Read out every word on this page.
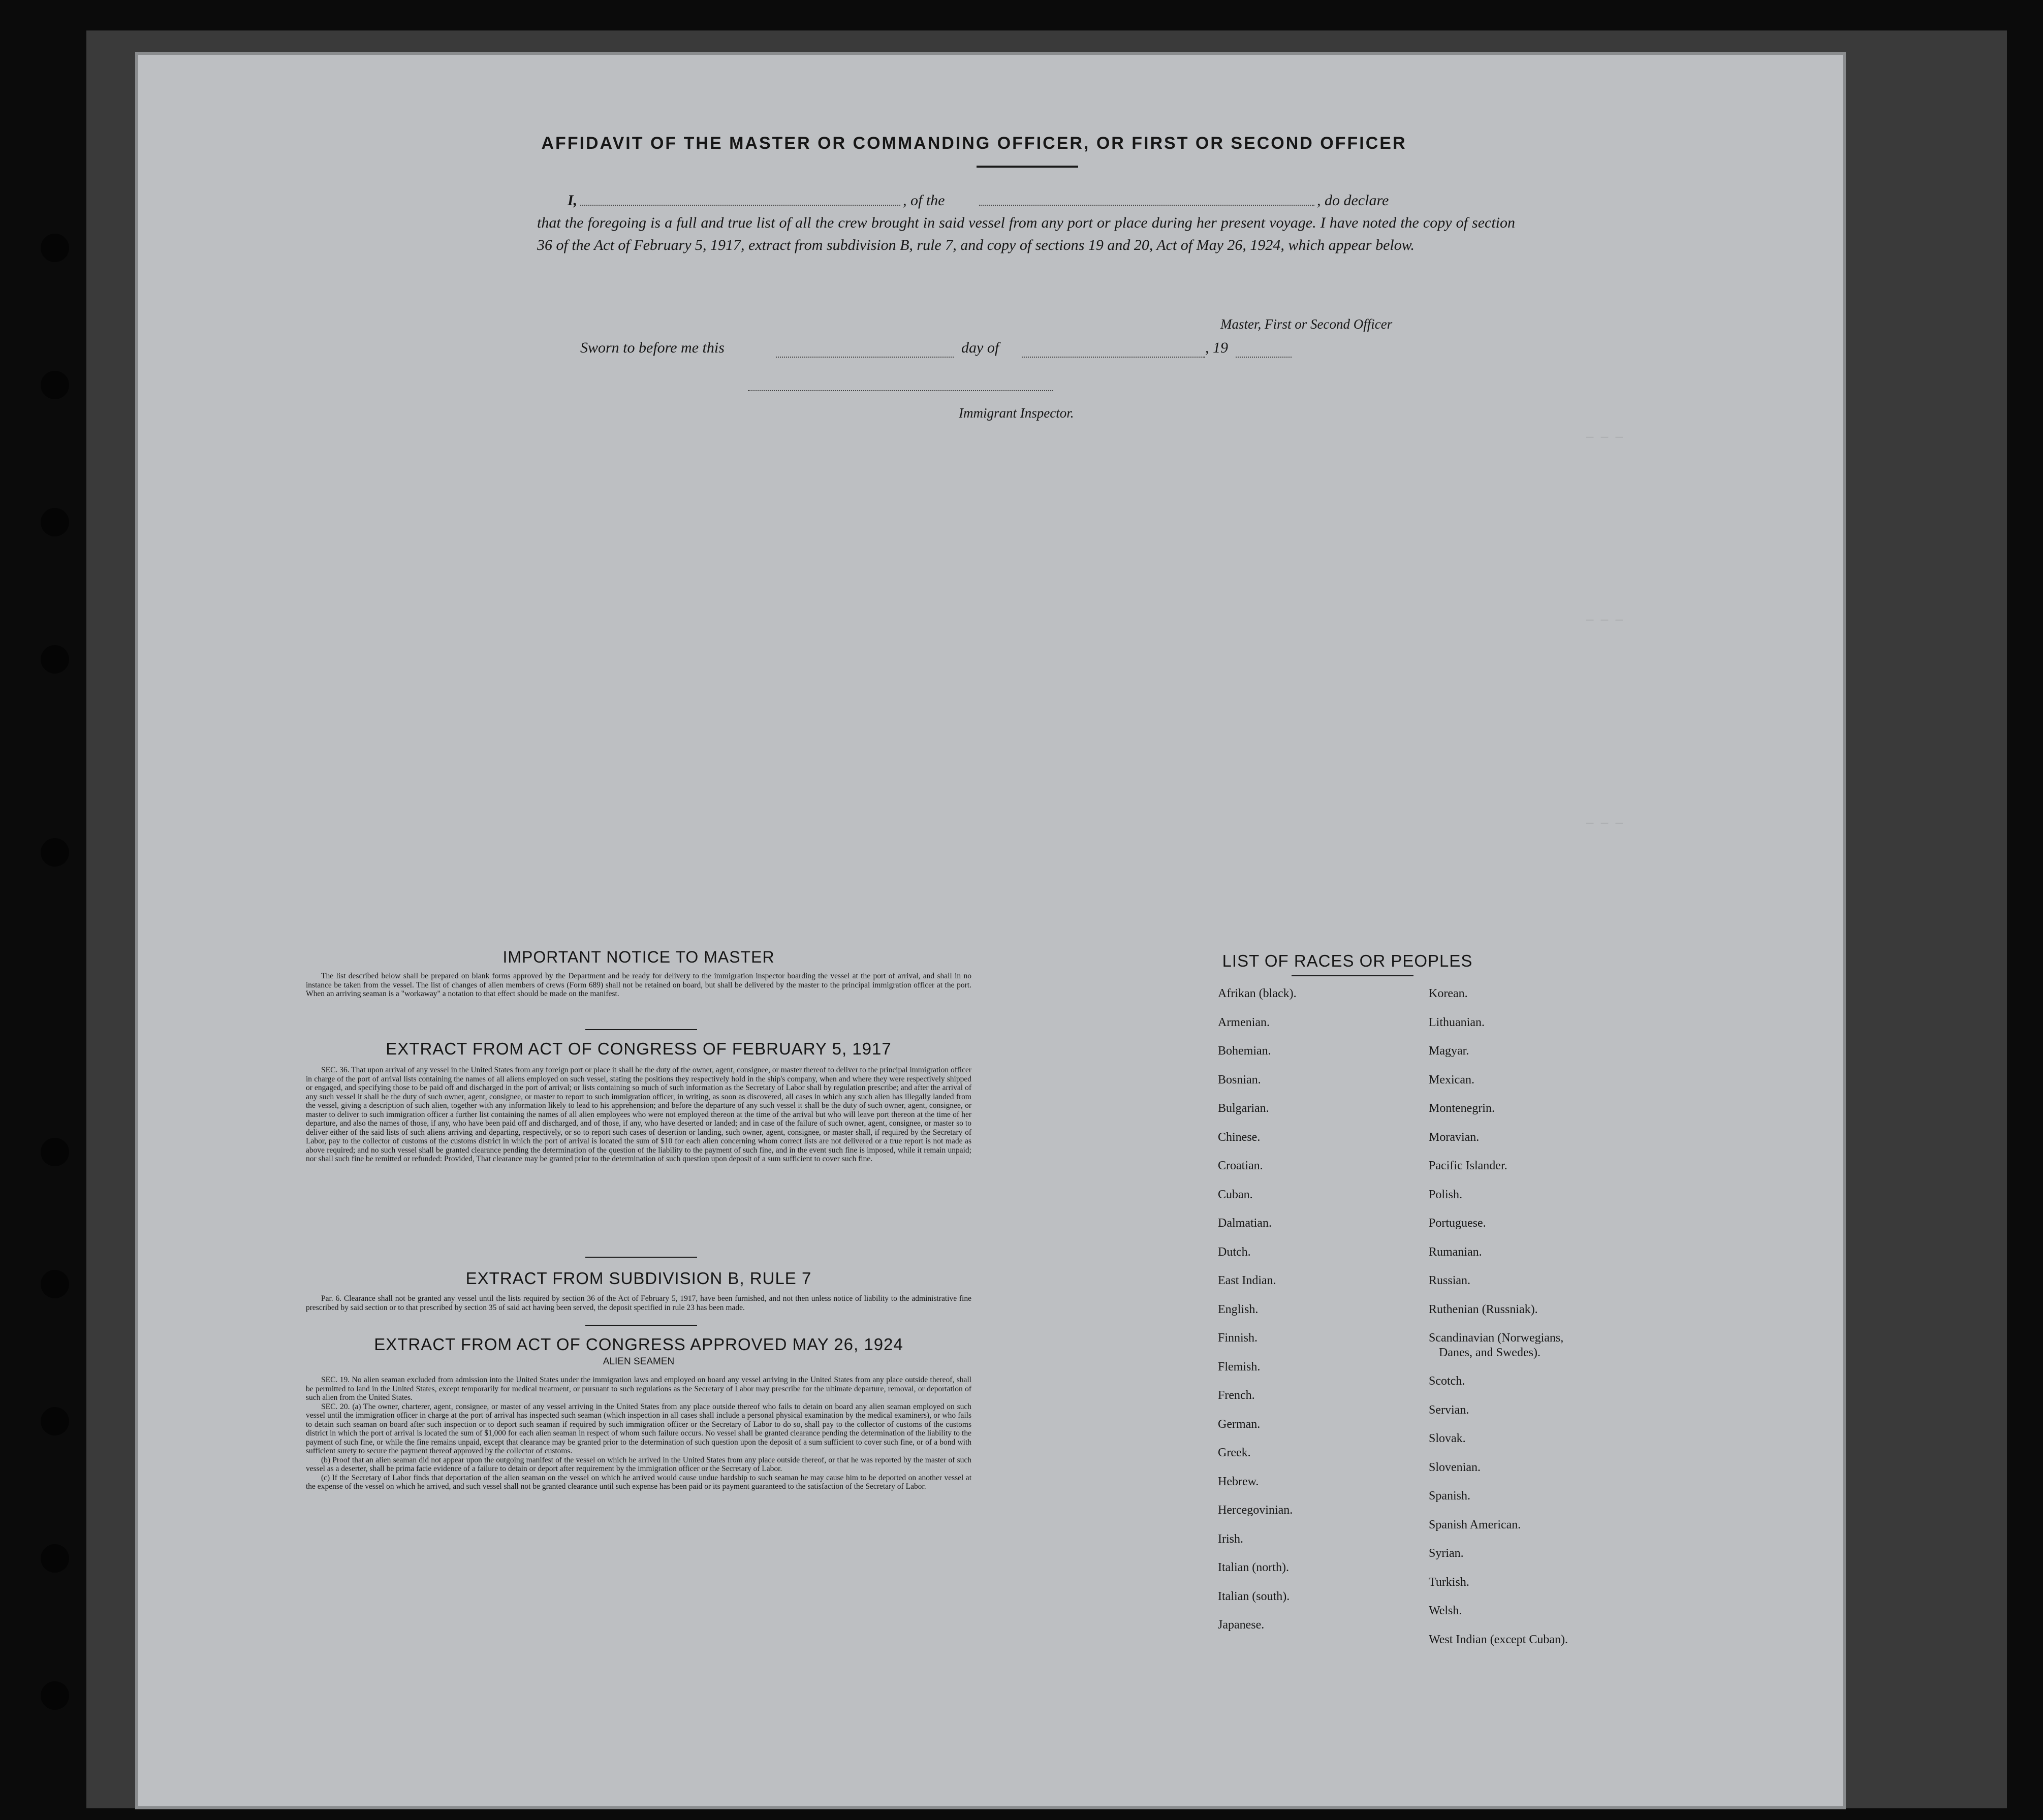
— — —
— — —
— — —
AFFIDAVIT OF THE MASTER OR COMMANDING OFFICER, OR FIRST OR SECOND OFFICER
I,	, of the	, do declare

that the foregoing is a full and true list of all the crew brought in said vessel from any port or place during her present voyage. I have noted the copy of section 36 of the Act of February 5, 1917, extract from subdivision B, rule 7, and copy of sections 19 and 20, Act of May 26, 1924, which appear below.

Master, First or Second Officer
Sworn to before me this	day of	, 19
Immigrant Inspector.
IMPORTANT NOTICE TO MASTER

The list described below shall be prepared on blank forms approved by the Department and be ready for delivery to the immigration inspector boarding the vessel at the port of arrival, and shall in no instance be taken from the vessel. The list of changes of alien members of crews (Form 689) shall not be retained on board, but shall be delivered by the master to the principal immigration officer at the port. When an arriving seaman is a "workaway" a notation to that effect should be made on the manifest.

EXTRACT FROM ACT OF CONGRESS OF FEBRUARY 5, 1917

SEC. 36. That upon arrival of any vessel in the United States from any foreign port or place it shall be the duty of the owner, agent, consignee, or master thereof to deliver to the principal immigration officer in charge of the port of arrival lists containing the names of all aliens employed on such vessel, stating the positions they respectively hold in the ship's company, when and where they were respectively shipped or engaged, and specifying those to be paid off and discharged in the port of arrival; or lists containing so much of such information as the Secretary of Labor shall by regulation prescribe; and after the arrival of any such vessel it shall be the duty of such owner, agent, consignee, or master to report to such immigration officer, in writing, as soon as discovered, all cases in which any such alien has illegally landed from the vessel, giving a description of such alien, together with any information likely to lead to his apprehension; and before the departure of any such vessel it shall be the duty of such owner, agent, consignee, or master to deliver to such immigration officer a further list containing the names of all alien employees who were not employed thereon at the time of the arrival but who will leave port thereon at the time of her departure, and also the names of those, if any, who have been paid off and discharged, and of those, if any, who have deserted or landed; and in case of the failure of such owner, agent, consignee, or master so to deliver either of the said lists of such aliens arriving and departing, respectively, or so to report such cases of desertion or landing, such owner, agent, consignee, or master shall, if required by the Secretary of Labor, pay to the collector of customs of the customs district in which the port of arrival is located the sum of $10 for each alien concerning whom correct lists are not delivered or a true report is not made as above required; and no such vessel shall be granted clearance pending the determination of the question of the liability to the payment of such fine, and in the event such fine is imposed, while it remain unpaid; nor shall such fine be remitted or refunded: Provided, That clearance may be granted prior to the determination of such question upon deposit of a sum sufficient to cover such fine.

EXTRACT FROM SUBDIVISION B, RULE 7

Par. 6. Clearance shall not be granted any vessel until the lists required by section 36 of the Act of February 5, 1917, have been furnished, and not then unless notice of liability to the administrative fine prescribed by said section or to that prescribed by section 35 of said act having been served, the deposit specified in rule 23 has been made.

EXTRACT FROM ACT OF CONGRESS APPROVED MAY 26, 1924
ALIEN SEAMEN

SEC. 19. No alien seaman excluded from admission into the United States under the immigration laws and employed on board any vessel arriving in the United States from any place outside thereof, shall be permitted to land in the United States, except temporarily for medical treatment, or pursuant to such regulations as the Secretary of Labor may prescribe for the ultimate departure, removal, or deportation of such alien from the United States.

SEC. 20. (a) The owner, charterer, agent, consignee, or master of any vessel arriving in the United States from any place outside thereof who fails to detain on board any alien seaman employed on such vessel until the immigration officer in charge at the port of arrival has inspected such seaman (which inspection in all cases shall include a personal physical examination by the medical examiners), or who fails to detain such seaman on board after such inspection or to deport such seaman if required by such immigration officer or the Secretary of Labor to do so, shall pay to the collector of customs of the customs district in which the port of arrival is located the sum of $1,000 for each alien seaman in respect of whom such failure occurs. No vessel shall be granted clearance pending the determination of the liability to the payment of such fine, or while the fine remains unpaid, except that clearance may be granted prior to the determination of such question upon the deposit of a sum sufficient to cover such fine, or of a bond with sufficient surety to secure the payment thereof approved by the collector of customs.

(b) Proof that an alien seaman did not appear upon the outgoing manifest of the vessel on which he arrived in the United States from any place outside thereof, or that he was reported by the master of such vessel as a deserter, shall be prima facie evidence of a failure to detain or deport after requirement by the immigration officer or the Secretary of Labor.

(c) If the Secretary of Labor finds that deportation of the alien seaman on the vessel on which he arrived would cause undue hardship to such seaman he may cause him to be deported on another vessel at the expense of the vessel on which he arrived, and such vessel shall not be granted clearance until such expense has been paid or its payment guaranteed to the satisfaction of the Secretary of Labor.

LIST OF RACES OR PEOPLES
Afrikan (black).
Armenian.
Bohemian.
Bosnian.
Bulgarian.
Chinese.
Croatian.
Cuban.
Dalmatian.
Dutch.
East Indian.
English.
Finnish.
Flemish.
French.
German.
Greek.
Hebrew.
Hercegovinian.
Irish.
Italian (north).
Italian (south).
Japanese.
Korean.
Lithuanian.
Magyar.
Mexican.
Montenegrin.
Moravian.
Pacific Islander.
Polish.
Portuguese.
Rumanian.
Russian.
Ruthenian (Russniak).
Scandinavian (Norwegians,
Danes, and Swedes).
Scotch.
Servian.
Slovak.
Slovenian.
Spanish.
Spanish American.
Syrian.
Turkish.
Welsh.
West Indian (except Cuban).
